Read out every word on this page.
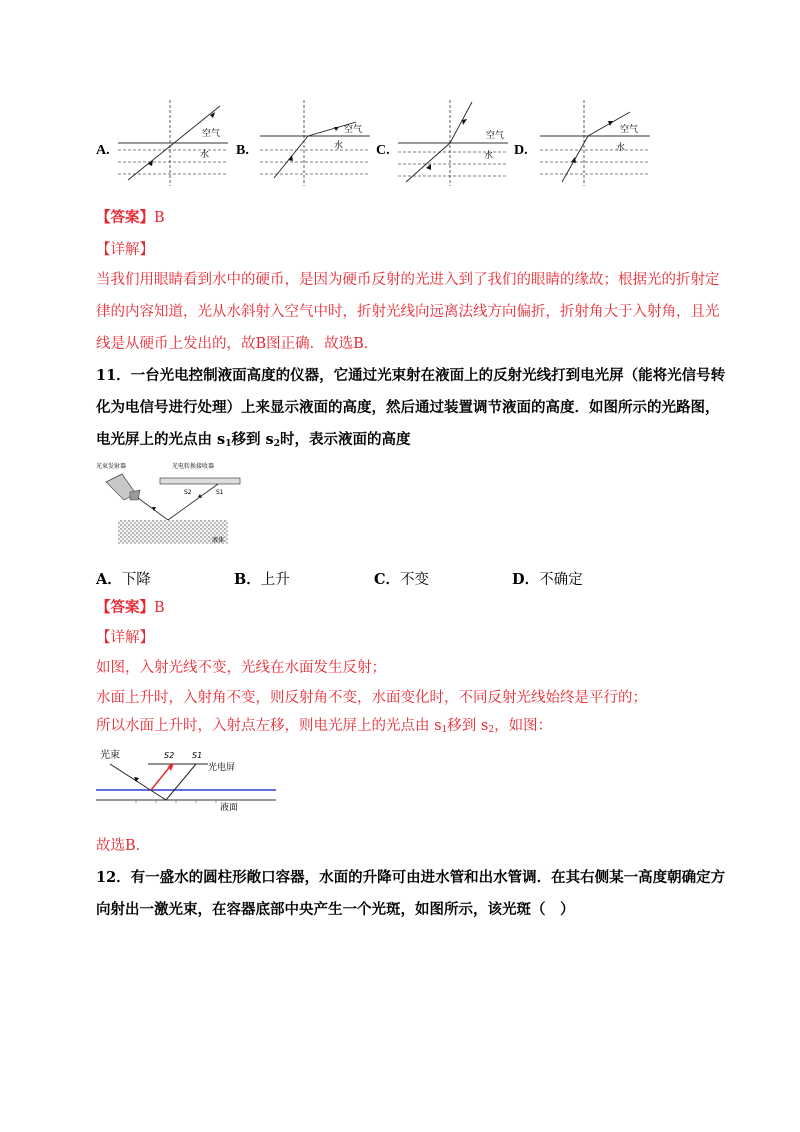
A.
空气
水 B.
空气
水 C.
空气
水 D.
空气
水
【答案】B
【详解】
当我们用眼睛看到水中的硬币，是因为硬币反射的光进入到了我们的眼睛的缘故；根据光的折射定
律的内容知道，光从水斜射入空气中时，折射光线向远离法线方向偏折，折射角大于入射角，且光
线是从硬币上发出的，故B图正确．故选B．
11．一台光电控制液面高度的仪器，它通过光束射在液面上的反射光线打到电光屏（能将光信号转
化为电信号进行处理）上来显示液面的高度，然后通过装置调节液面的高度．如图所示的光路图，
电光屏上的光点由 $s_1$移到 $s_2$时，表示液面的高度
光束发射器	光电转换接收器
S2	S1
液体
A．下降	B．上升	C．不变	D．不确定
【答案】B
【详解】
如图，入射光线不变，光线在水面发生反射；
水面上升时，入射角不变，则反射角不变，水面变化时，不同反射光线始终是平行的；
所以水面上升时，入射点左移，则电光屏上的光点由 $s_1$移到 $s_2$，如图：
光束	S2 S1
光电屏
液面
故选B．
12．有一盛水的圆柱形敞口容器，水面的升降可由进水管和出水管调．在其右侧某一高度朝确定方
向射出一激光束，在容器底部中央产生一个光斑，如图所示，该光斑（　）
